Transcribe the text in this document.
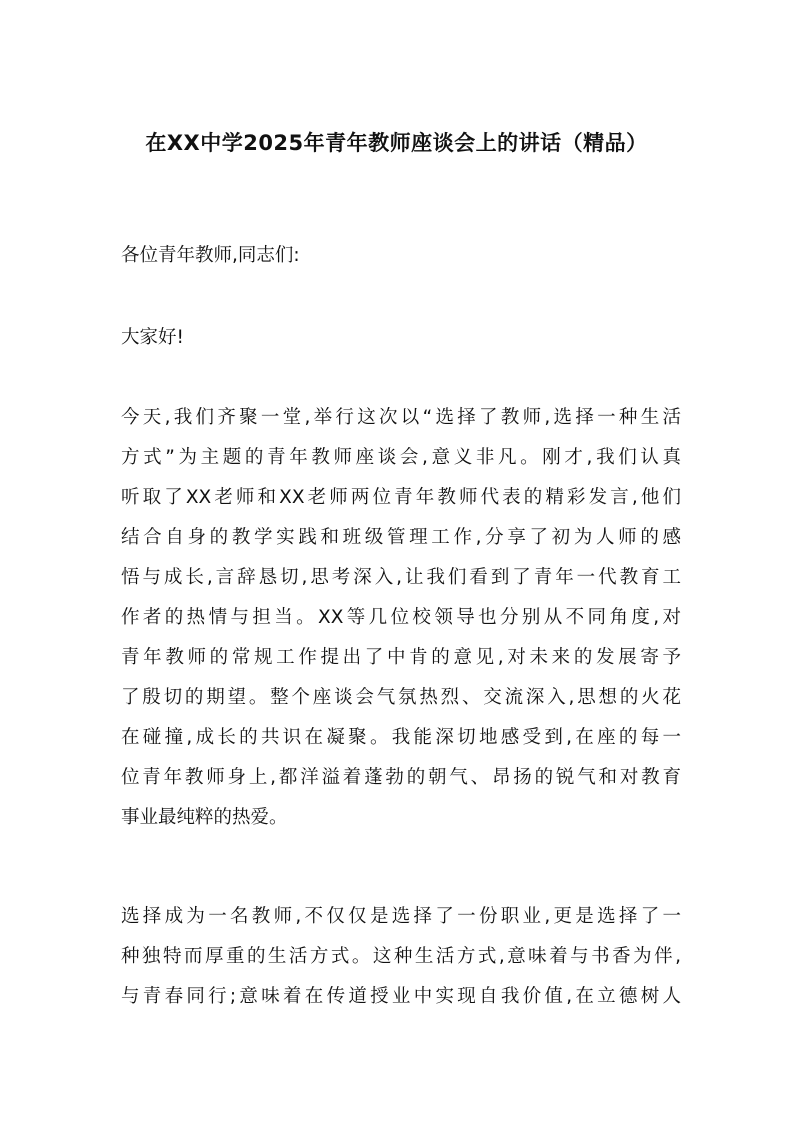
在XX中学2025年青年教师座谈会上的讲话（精品）

各位青年教师,同志们:

大家好!

今天,我们齐聚一堂,举行这次以“选择了教师,选择一种生活
方式”为主题的青年教师座谈会,意义非凡。刚才,我们认真
听取了XX老师和XX老师两位青年教师代表的精彩发言,他们
结合自身的教学实践和班级管理工作,分享了初为人师的感
悟与成长,言辞恳切,思考深入,让我们看到了青年一代教育工
作者的热情与担当。XX等几位校领导也分别从不同角度,对
青年教师的常规工作提出了中肯的意见,对未来的发展寄予
了殷切的期望。整个座谈会气氛热烈、交流深入,思想的火花
在碰撞,成长的共识在凝聚。我能深切地感受到,在座的每一
位青年教师身上,都洋溢着蓬勃的朝气、昂扬的锐气和对教育
事业最纯粹的热爱。

选择成为一名教师,不仅仅是选择了一份职业,更是选择了一
种独特而厚重的生活方式。这种生活方式,意味着与书香为伴,
与青春同行;意味着在传道授业中实现自我价值,在立德树人
